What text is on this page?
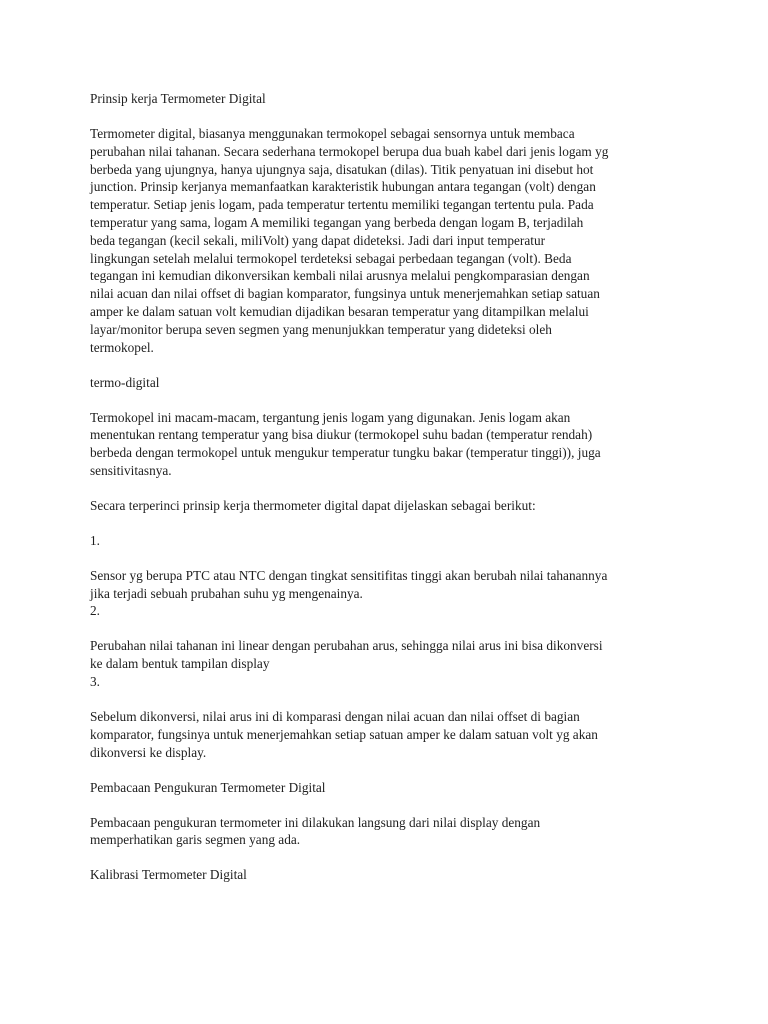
Prinsip kerja Termometer Digital

Termometer digital, biasanya menggunakan termokopel sebagai sensornya untuk membaca
perubahan nilai tahanan. Secara sederhana termokopel berupa dua buah kabel dari jenis logam yg
berbeda yang ujungnya, hanya ujungnya saja, disatukan (dilas). Titik penyatuan ini disebut hot
junction. Prinsip kerjanya memanfaatkan karakteristik hubungan antara tegangan (volt) dengan
temperatur. Setiap jenis logam, pada temperatur tertentu memiliki tegangan tertentu pula. Pada
temperatur yang sama, logam A memiliki tegangan yang berbeda dengan logam B, terjadilah
beda tegangan (kecil sekali, miliVolt) yang dapat dideteksi. Jadi dari input temperatur
lingkungan setelah melalui termokopel terdeteksi sebagai perbedaan tegangan (volt). Beda
tegangan ini kemudian dikonversikan kembali nilai arusnya melalui pengkomparasian dengan
nilai acuan dan nilai offset di bagian komparator, fungsinya untuk menerjemahkan setiap satuan
amper ke dalam satuan volt kemudian dijadikan besaran temperatur yang ditampilkan melalui
layar/monitor berupa seven segmen yang menunjukkan temperatur yang dideteksi oleh
termokopel.

termo-digital

Termokopel ini macam-macam, tergantung jenis logam yang digunakan. Jenis logam akan
menentukan rentang temperatur yang bisa diukur (termokopel suhu badan (temperatur rendah)
berbeda dengan termokopel untuk mengukur temperatur tungku bakar (temperatur tinggi)), juga
sensitivitasnya.

Secara terperinci prinsip kerja thermometer digital dapat dijelaskan sebagai berikut:

1.

Sensor yg berupa PTC atau NTC dengan tingkat sensitifitas tinggi akan berubah nilai tahanannya
jika terjadi sebuah prubahan suhu yg mengenainya.

2.

Perubahan nilai tahanan ini linear dengan perubahan arus, sehingga nilai arus ini bisa dikonversi
ke dalam bentuk tampilan display

3.

Sebelum dikonversi, nilai arus ini di komparasi dengan nilai acuan dan nilai offset di bagian
komparator, fungsinya untuk menerjemahkan setiap satuan amper ke dalam satuan volt yg akan
dikonversi ke display.

Pembacaan Pengukuran Termometer Digital

Pembacaan pengukuran termometer ini dilakukan langsung dari nilai display dengan
memperhatikan garis segmen yang ada.

Kalibrasi Termometer Digital
